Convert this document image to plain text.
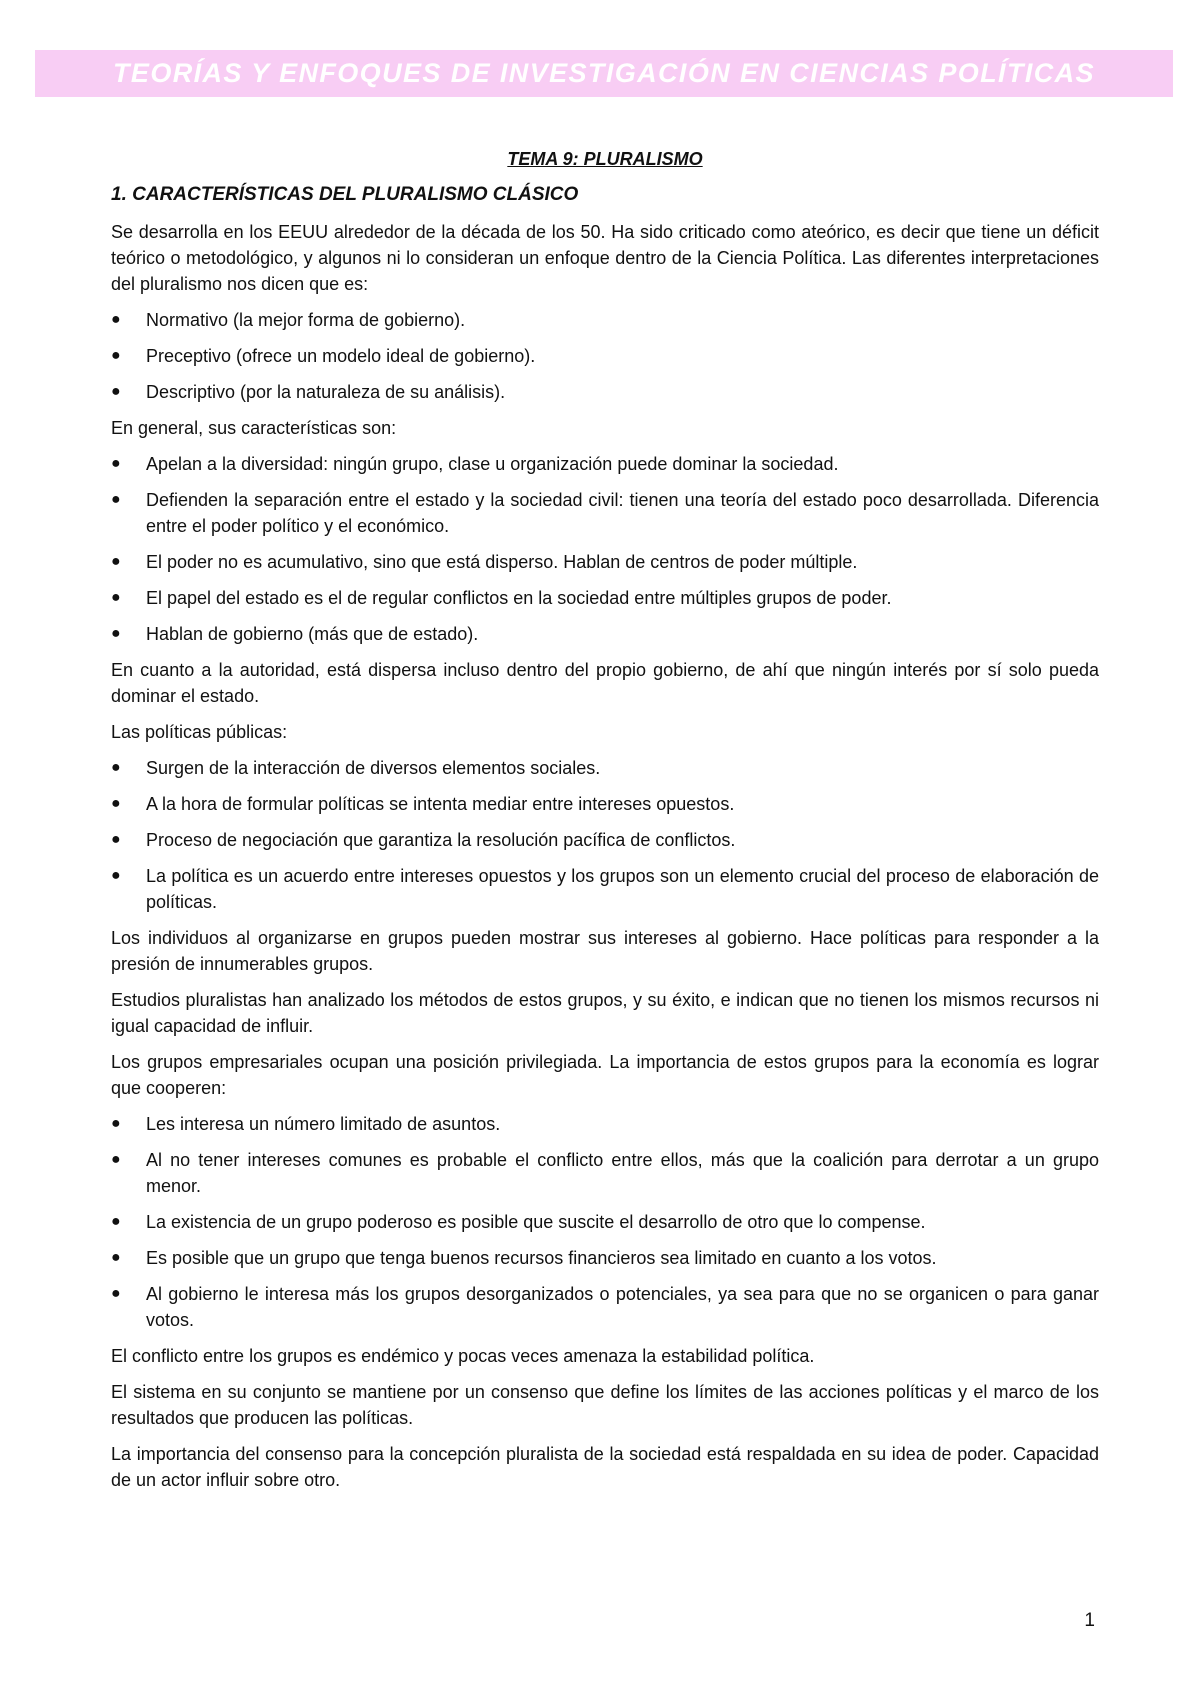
TEORÍAS Y ENFOQUES DE INVESTIGACIÓN EN CIENCIAS POLÍTICAS
TEMA 9: PLURALISMO
1. CARACTERÍSTICAS DEL PLURALISMO CLÁSICO

Se desarrolla en los EEUU alrededor de la década de los 50. Ha sido criticado como ateórico, es decir que tiene un déficit teórico o metodológico, y algunos ni lo consideran un enfoque dentro de la Ciencia Política. Las diferentes interpretaciones del pluralismo nos dicen que es:

● Normativo (la mejor forma de gobierno).
● Preceptivo (ofrece un modelo ideal de gobierno).
● Descriptivo (por la naturaleza de su análisis).

En general, sus características son:

● Apelan a la diversidad: ningún grupo, clase u organización puede dominar la sociedad.
● Defienden la separación entre el estado y la sociedad civil: tienen una teoría del estado poco desarrollada. Diferencia entre el poder político y el económico.
● El poder no es acumulativo, sino que está disperso. Hablan de centros de poder múltiple.
● El papel del estado es el de regular conflictos en la sociedad entre múltiples grupos de poder.
● Hablan de gobierno (más que de estado).

En cuanto a la autoridad, está dispersa incluso dentro del propio gobierno, de ahí que ningún interés por sí solo pueda dominar el estado.

Las políticas públicas:

● Surgen de la interacción de diversos elementos sociales.
● A la hora de formular políticas se intenta mediar entre intereses opuestos.
● Proceso de negociación que garantiza la resolución pacífica de conflictos.
● La política es un acuerdo entre intereses opuestos y los grupos son un elemento crucial del proceso de elaboración de políticas.

Los individuos al organizarse en grupos pueden mostrar sus intereses al gobierno. Hace políticas para responder a la presión de innumerables grupos.

Estudios pluralistas han analizado los métodos de estos grupos, y su éxito, e indican que no tienen los mismos recursos ni igual capacidad de influir.

Los grupos empresariales ocupan una posición privilegiada. La importancia de estos grupos para la economía es lograr que cooperen:

● Les interesa un número limitado de asuntos.
● Al no tener intereses comunes es probable el conflicto entre ellos, más que la coalición para derrotar a un grupo menor.
● La existencia de un grupo poderoso es posible que suscite el desarrollo de otro que lo compense.
● Es posible que un grupo que tenga buenos recursos financieros sea limitado en cuanto a los votos.
● Al gobierno le interesa más los grupos desorganizados o potenciales, ya sea para que no se organicen o para ganar votos.

El conflicto entre los grupos es endémico y pocas veces amenaza la estabilidad política.

El sistema en su conjunto se mantiene por un consenso que define los límites de las acciones políticas y el marco de los resultados que producen las políticas.

La importancia del consenso para la concepción pluralista de la sociedad está respaldada en su idea de poder. Capacidad de un actor influir sobre otro.

1
